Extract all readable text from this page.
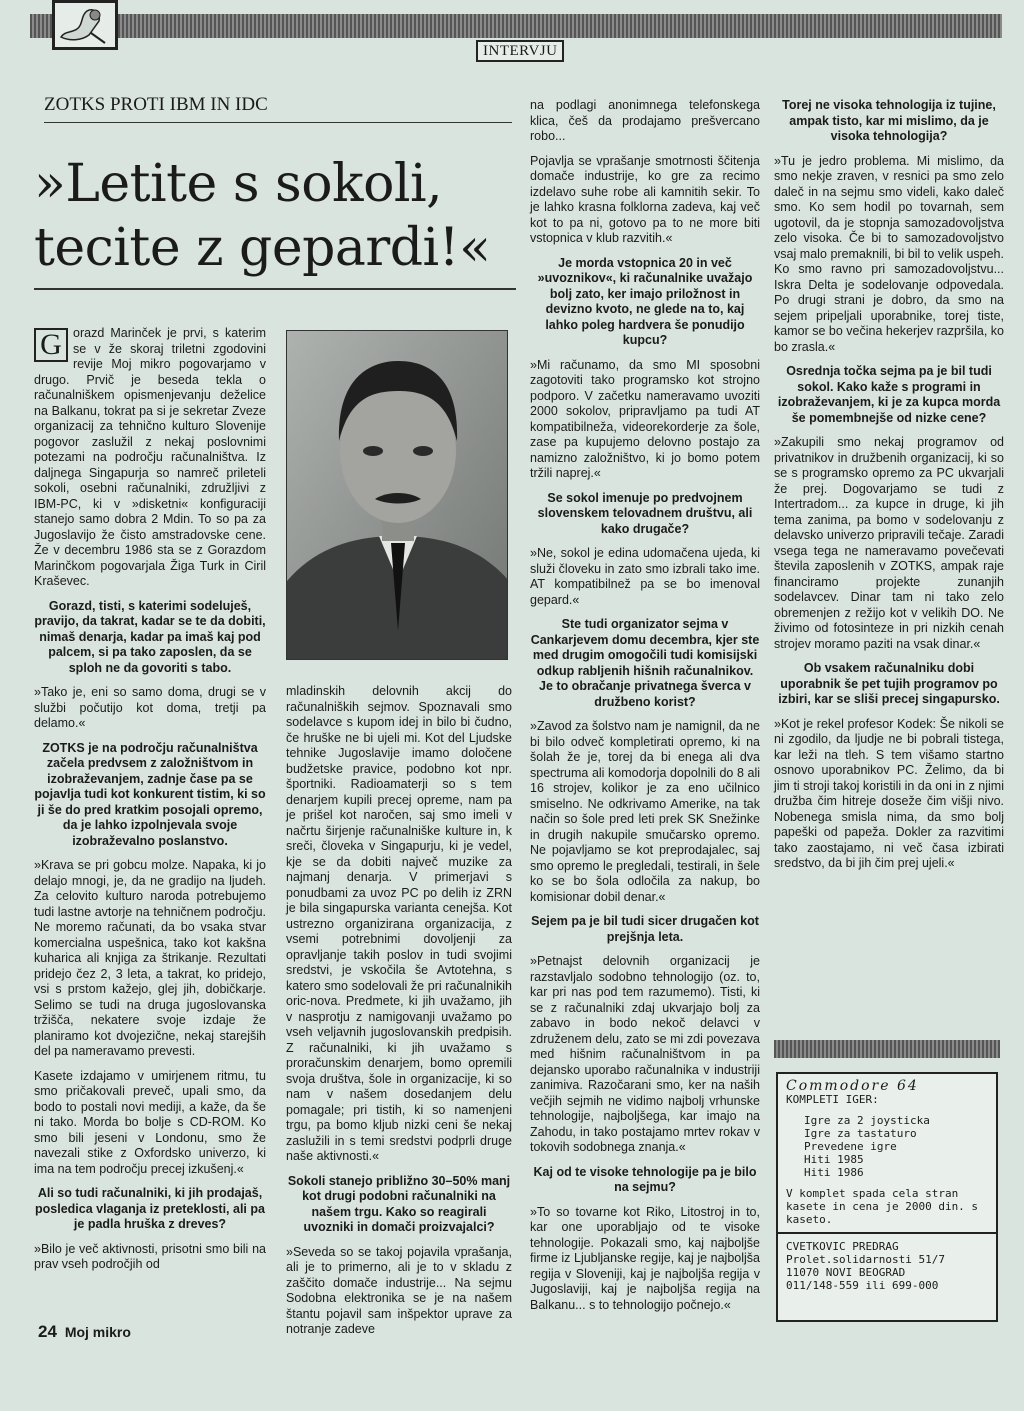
INTERVJU
ZOTKS PROTI IBM IN IDC
»Letite s sokoli,
tecite z gepardi!«

G orazd Marinček je prvi, s katerim se v že skoraj triletni zgodovini revije Moj mikro pogovarjamo v drugo. Prvič je beseda tekla o računalniškem opismenjevanju deželice na Balkanu, tokrat pa si je sekretar Zveze organizacij za tehnično kulturo Slovenije pogovor zaslužil z nekaj poslovnimi potezami na področju računalništva. Iz daljnega Singapurja so namreč prileteli sokoli, osebni računalniki, združljivi z IBM-PC, ki v »disketni« konfiguraciji stanejo samo dobra 2 Mdin. To so pa za Jugoslavijo že čisto amstradovske cene. Že v decembru 1986 sta se z Gorazdom Marinčkom pogovarjala Žiga Turk in Ciril Kraševec.

Gorazd, tisti, s katerimi sodeluješ, pravijo, da takrat, kadar se te da dobiti, nimaš denarja, kadar pa imaš kaj pod palcem, si pa tako zaposlen, da se sploh ne da govoriti s tabo.

»Tako je, eni so samo doma, drugi se v službi počutijo kot doma, tretji pa delamo.«

ZOTKS je na področju računalništva začela predvsem z založništvom in izobraževanjem, zadnje čase pa se pojavlja tudi kot konkurent tistim, ki so ji še do pred kratkim posojali opremo, da je lahko izpolnjevala svoje izobraževalno poslanstvo.

»Krava se pri gobcu molze. Napaka, ki jo delajo mnogi, je, da ne gradijo na ljudeh. Za celovito kulturo naroda potrebujemo tudi lastne avtorje na tehničnem področju. Ne moremo računati, da bo vsaka stvar komercialna uspešnica, tako kot kakšna kuharica ali knjiga za štrikanje. Rezultati pridejo čez 2, 3 leta, a takrat, ko pridejo, vsi s prstom kažejo, glej jih, dobičkarje. Selimo se tudi na druga jugoslovanska tržišča, nekatere svoje izdaje že planiramo kot dvojezične, nekaj starejših del pa nameravamo prevesti.

Kasete izdajamo v umirjenem ritmu, tu smo pričakovali preveč, upali smo, da bodo to postali novi mediji, a kaže, da še ni tako. Morda bo bolje s CD-ROM. Ko smo bili jeseni v Londonu, smo že navezali stike z Oxfordsko univerzo, ki ima na tem področju precej izkušenj.«

Ali so tudi računalniki, ki jih prodajaš, posledica vlaganja iz preteklosti, ali pa je padla hruška z dreves?

»Bilo je več aktivnosti, prisotni smo bili na prav vseh področjih od

mladinskih delovnih akcij do računalniških sejmov. Spoznavali smo sodelavce s kupom idej in bilo bi čudno, če hruške ne bi ujeli mi. Kot del Ljudske tehnike Jugoslavije imamo določene budžetske pravice, podobno kot npr. športniki. Radioamaterji so s tem denarjem kupili precej opreme, nam pa je prišel kot naročen, saj smo imeli v načrtu širjenje računalniške kulture in, k sreči, človeka v Singapurju, ki je vedel, kje se da dobiti največ muzike za najmanj denarja. V primerjavi s ponudbami za uvoz PC po delih iz ZRN je bila singapurska varianta cenejša. Kot ustrezno organizirana organizacija, z vsemi potrebnimi dovoljenji za opravljanje takih poslov in tudi svojimi sredstvi, je vskočila še Avtotehna, s katero smo sodelovali že pri računalnikih oric-nova. Predmete, ki jih uvažamo, jih v nasprotju z namigovanji uvažamo po vseh veljavnih jugoslovanskih predpisih. Z računalniki, ki jih uvažamo s proračunskim denarjem, bomo opremili svoja društva, šole in organizacije, ki so nam v našem dosedanjem delu pomagale; pri tistih, ki so namenjeni trgu, pa bomo kljub nizki ceni še nekaj zaslužili in s temi sredstvi podprli druge naše aktivnosti.«

Sokoli stanejo približno 30–50% manj kot drugi podobni računalniki na našem trgu. Kako so reagirali uvozniki in domači proizvajalci?

»Seveda so se takoj pojavila vprašanja, ali je to primerno, ali je to v skladu z zaščito domače industrije... Na sejmu Sodobna elektronika se je na našem štantu pojavil sam inšpektor uprave za notranje zadeve

na podlagi anonimnega telefonskega klica, češ da prodajamo prešvercano robo...

Pojavlja se vprašanje smotrnosti ščitenja domače industrije, ko gre za recimo izdelavo suhe robe ali kamnitih sekir. To je lahko krasna folklorna zadeva, kaj več kot to pa ni, gotovo pa to ne more biti vstopnica v klub razvitih.«

Je morda vstopnica 20 in več »uvoznikov«, ki računalnike uvažajo bolj zato, ker imajo priložnost in devizno kvoto, ne glede na to, kaj lahko poleg hardvera še ponudijo kupcu?

»Mi računamo, da smo MI sposobni zagotoviti tako programsko kot strojno podporo. V začetku nameravamo uvoziti 2000 sokolov, pripravljamo pa tudi AT kompatibilneža, videorekorderje za šole, zase pa kupujemo delovno postajo za namizno založništvo, ki jo bomo potem tržili naprej.«

Se sokol imenuje po predvojnem slovenskem telovadnem društvu, ali kako drugače?

»Ne, sokol je edina udomačena ujeda, ki služi človeku in zato smo izbrali tako ime. AT kompatibilnež pa se bo imenoval gepard.«

Ste tudi organizator sejma v Cankarjevem domu decembra, kjer ste med drugim omogočili tudi komisijski odkup rabljenih hišnih računalnikov. Je to obračanje privatnega šverca v družbeno korist?

»Zavod za šolstvo nam je namignil, da ne bi bilo odveč kompletirati opremo, ki na šolah že je, torej da bi enega ali dva spectruma ali komodorja dopolnili do 8 ali 16 strojev, kolikor je za eno učilnico smiselno. Ne odkrivamo Amerike, na tak način so šole pred leti prek SK Snežinke in drugih nakupile smučarsko opremo. Ne pojavljamo se kot preprodajalec, saj smo opremo le pregledali, testirali, in šele ko se bo šola odločila za nakup, bo komisionar dobil denar.«

Sejem pa je bil tudi sicer drugačen kot prejšnja leta.

»Petnajst delovnih organizacij je razstavljalo sodobno tehnologijo (oz. to, kar pri nas pod tem razumemo). Tisti, ki se z računalniki zdaj ukvarjajo bolj za zabavo in bodo nekoč delavci v združenem delu, zato se mi zdi povezava med hišnim računalništvom in pa dejansko uporabo računalnika v industriji zanimiva. Razočarani smo, ker na naših večjih sejmih ne vidimo najbolj vrhunske tehnologije, najboljšega, kar imajo na Zahodu, in tako postajamo mrtev rokav v tokovih sodobnega znanja.«

Kaj od te visoke tehnologije pa je bilo na sejmu?

»To so tovarne kot Riko, Litostroj in to, kar one uporabljajo od te visoke tehnologije. Pokazali smo, kaj najboljše firme iz Ljubljanske regije, kaj je najboljša regija v Sloveniji, kaj je najboljša regija v Jugoslaviji, kaj je najboljša regija na Balkanu... s to tehnologijo počnejo.«

Torej ne visoka tehnologija iz tujine, ampak tisto, kar mi mislimo, da je visoka tehnologija?

»Tu je jedro problema. Mi mislimo, da smo nekje zraven, v resnici pa smo zelo daleč in na sejmu smo videli, kako daleč smo. Ko sem hodil po tovarnah, sem ugotovil, da je stopnja samozadovoljstva zelo visoka. Če bi to samozadovoljstvo vsaj malo premaknili, bi bil to velik uspeh. Ko smo ravno pri samozadovoljstvu... Iskra Delta je sodelovanje odpovedala. Po drugi strani je dobro, da smo na sejem pripeljali uporabnike, torej tiste, kamor se bo večina hekerjev razpršila, ko bo zrasla.«

Osrednja točka sejma pa je bil tudi sokol. Kako kaže s programi in izobraževanjem, ki je za kupca morda še pomembnejše od nizke cene?

»Zakupili smo nekaj programov od privatnikov in družbenih organizacij, ki so se s programsko opremo za PC ukvarjali že prej. Dogovarjamo se tudi z Intertradom... za kupce in druge, ki jih tema zanima, pa bomo v sodelovanju z delavsko univerzo pripravili tečaje. Zaradi vsega tega ne nameravamo povečevati števila zaposlenih v ZOTKS, ampak raje financiramo projekte zunanjih sodelavcev. Dinar tam ni tako zelo obremenjen z režijo kot v velikih DO. Ne živimo od fotosinteze in pri nizkih cenah strojev moramo paziti na vsak dinar.«

Ob vsakem računalniku dobi uporabnik še pet tujih programov po izbiri, kar se sliši precej singapursko.

»Kot je rekel profesor Kodek: Še nikoli se ni zgodilo, da ljudje ne bi pobrali tistega, kar leži na tleh. S tem višamo startno osnovo uporabnikov PC. Želimo, da bi jim ti stroji takoj koristili in da oni in z njimi družba čim hitreje doseže čim višji nivo. Nobenega smisla nima, da smo bolj papeški od papeža. Dokler za razvitimi tako zaostajamo, ni več časa izbirati sredstvo, da bi jih čim prej ujeli.«

Commodore 64
KOMPLETI IGER:
Igre za 2 joysticka
Igre za tastaturo
Prevedene igre
Hiti 1985
Hiti 1986
V komplet spada cela stran kasete in cena je 2000 din. s kaseto.
CVETKOVIC PREDRAG
Prolet.solidarnosti 51/7
11070 NOVI BEOGRAD
011/148-559 ili 699-000
24 Moj mikro
